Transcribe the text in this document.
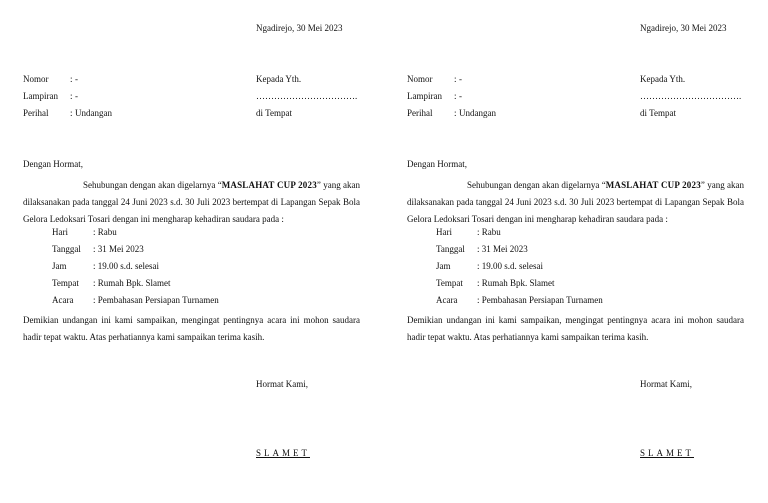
Ngadirejo, 30 Mei 2023
Nomor : -
Lampiran : -
Perihal : Undangan
Kepada Yth.
…………………………….
di Tempat
Dengan Hormat,
Sehubungan dengan akan digelarnya “MASLAHAT CUP 2023” yang akan dilaksanakan pada tanggal 24 Juni 2023 s.d. 30 Juli 2023 bertempat di Lapangan Sepak Bola Gelora Ledoksari Tosari dengan ini mengharap kehadiran saudara pada :
Hari	: Rabu
Tanggal : 31 Mei 2023
Jam	: 19.00 s.d. selesai
Tempat : Rumah Bpk. Slamet
Acara : Pembahasan Persiapan Turnamen
Demikian undangan ini kami sampaikan, mengingat pentingnya acara ini mohon saudara hadir tepat waktu. Atas perhatiannya kami sampaikan terima kasih.
Hormat Kami,
SLAMET
Ngadirejo, 30 Mei 2023
Nomor : -
Lampiran : -
Perihal : Undangan
Kepada Yth.
…………………………….
di Tempat
Dengan Hormat,
Sehubungan dengan akan digelarnya “MASLAHAT CUP 2023” yang akan dilaksanakan pada tanggal 24 Juni 2023 s.d. 30 Juli 2023 bertempat di Lapangan Sepak Bola Gelora Ledoksari Tosari dengan ini mengharap kehadiran saudara pada :
Hari	: Rabu
Tanggal : 31 Mei 2023
Jam	: 19.00 s.d. selesai
Tempat : Rumah Bpk. Slamet
Acara : Pembahasan Persiapan Turnamen
Demikian undangan ini kami sampaikan, mengingat pentingnya acara ini mohon saudara hadir tepat waktu. Atas perhatiannya kami sampaikan terima kasih.
Hormat Kami,
SLAMET
